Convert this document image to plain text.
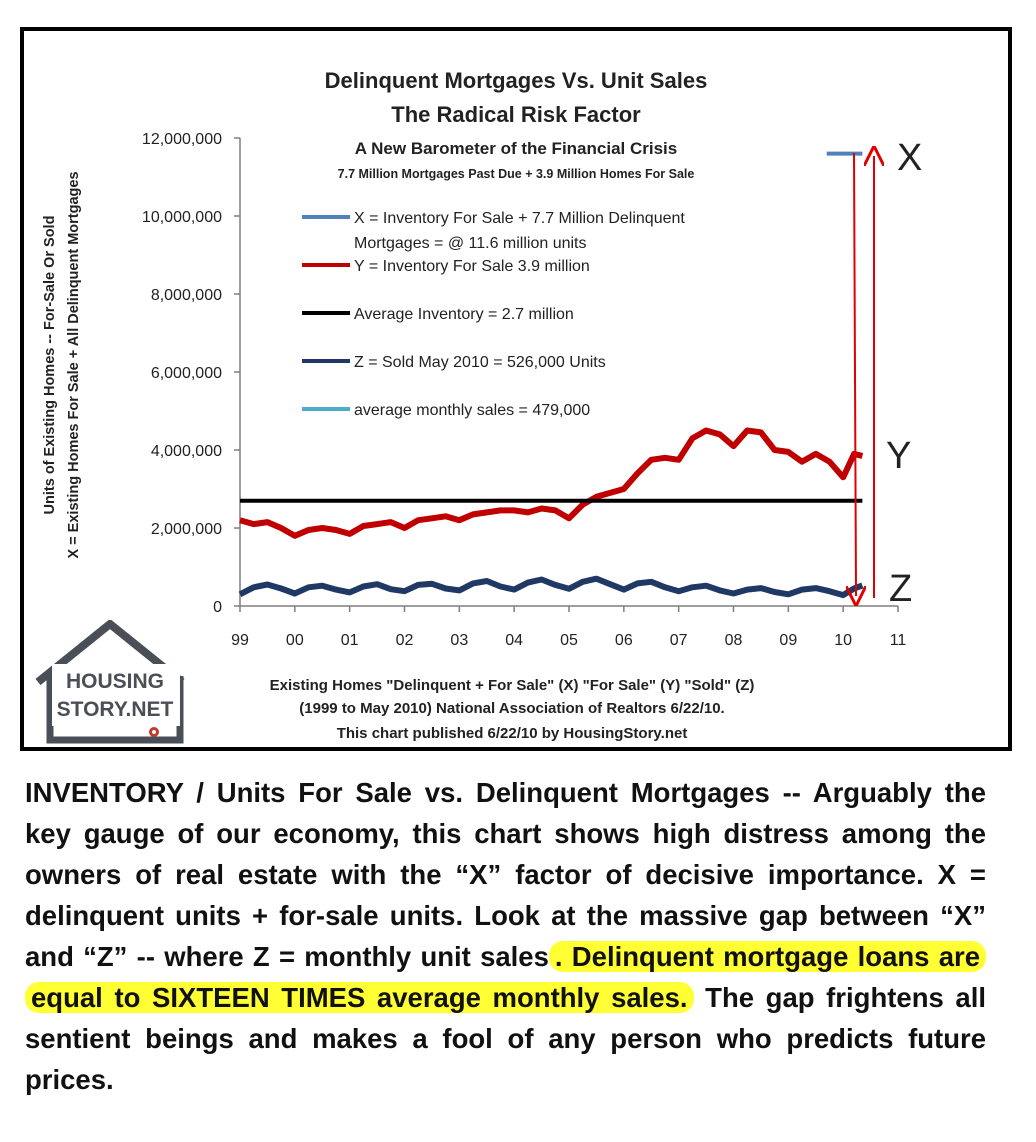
Delinquent Mortgages Vs. Unit Sales
The Radical Risk Factor
A New Barometer of the Financial Crisis
7.7 Million Mortgages Past Due + 3.9 Million Homes For Sale
Units of Existing Homes -- For-Sale Or Sold X = Existing Homes For Sale + All Delinquent Mortgages
0
2,000,000
4,000,000
6,000,000
8,000,000
10,000,000
12,000,000
99 00 01 02 03 04 05 06 07 08 09 10 11
X = Inventory For Sale + 7.7 Million Delinquent
Mortgages = @ 11.6 million units
Y = Inventory For Sale 3.9 million
Average Inventory = 2.7 million
Z = Sold May 2010 = 526,000 Units
average monthly sales = 479,000
X
Y
Z
Existing Homes "Delinquent + For Sale" (X) "For Sale" (Y) "Sold" (Z)
(1999 to May 2010) National Association of Realtors 6/22/10.
This chart published 6/22/10 by HousingStory.net
HOUSING
STORY.NET
INVENTORY / Units For Sale vs. Delinquent Mortgages -- Arguably the key gauge of our economy, this chart shows high distress among the owners of real estate with the “X” factor of decisive importance. X = delinquent units + for-sale units. Look at the massive gap between “X” and “Z” -- where Z = monthly unit sales . Delinquent mortgage loans are equal to SIXTEEN TIMES average monthly sales. The gap frightens all sentient beings and makes a fool of any person who predicts future prices.
